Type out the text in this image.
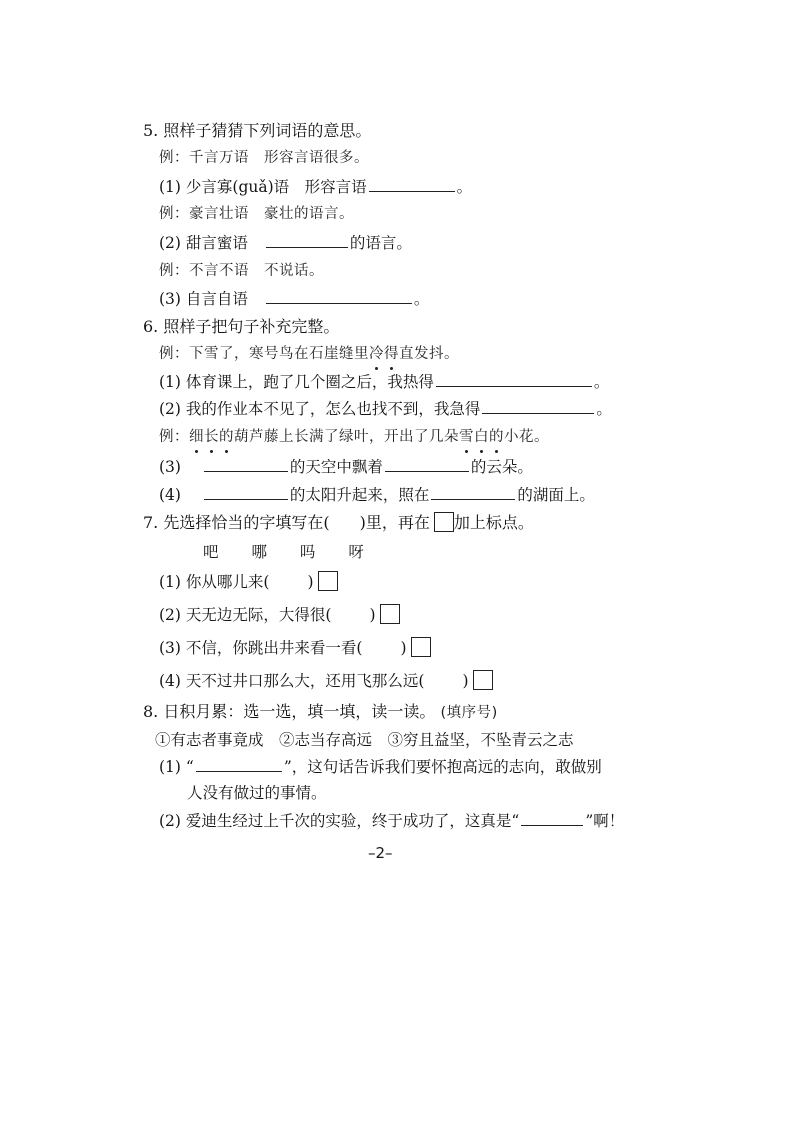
5. 照样子猜猜下列词语的意思。
例：千言万语　形容言语很多。
(1) 少言寡(guǎ)语　形容言语	。
例：豪言壮语　豪壮的语言。
(2) 甜言蜜语	的语言。
例：不言不语　不说话。
(3) 自言自语	。
6. 照样子把句子补充完整。
例：下雪了，寒号鸟在石崖缝里冷得直发抖。
(1) 体育课上，跑了几个圈之后，我热得	。
(2) 我的作业本不见了，怎么也找不到，我急得	。
例：细长的葫芦藤上长满了绿叶，开出了几朵雪白的小花。
(3)	的天空中飘着	的云朵。
(4)	的太阳升起来，照在	的湖面上。
7. 先选择恰当的字填写在( )里，再在 加上标点。
吧 哪 吗 呀
(1) 你从哪儿来( )
(2) 天无边无际，大得很( )
(3) 不信，你跳出井来看一看( )
(4) 天不过井口那么大，还用飞那么远( )
8. 日积月累：选一选，填一填，读一读。 (填序号)
①有志者事竟成　②志当存高远　③穷且益坚，不坠青云之志
(1) “	”，这句话告诉我们要怀抱高远的志向，敢做别
人没有做过的事情。
(2) 爱迪生经过上千次的实验，终于成功了，这真是“	”啊！
–2–
